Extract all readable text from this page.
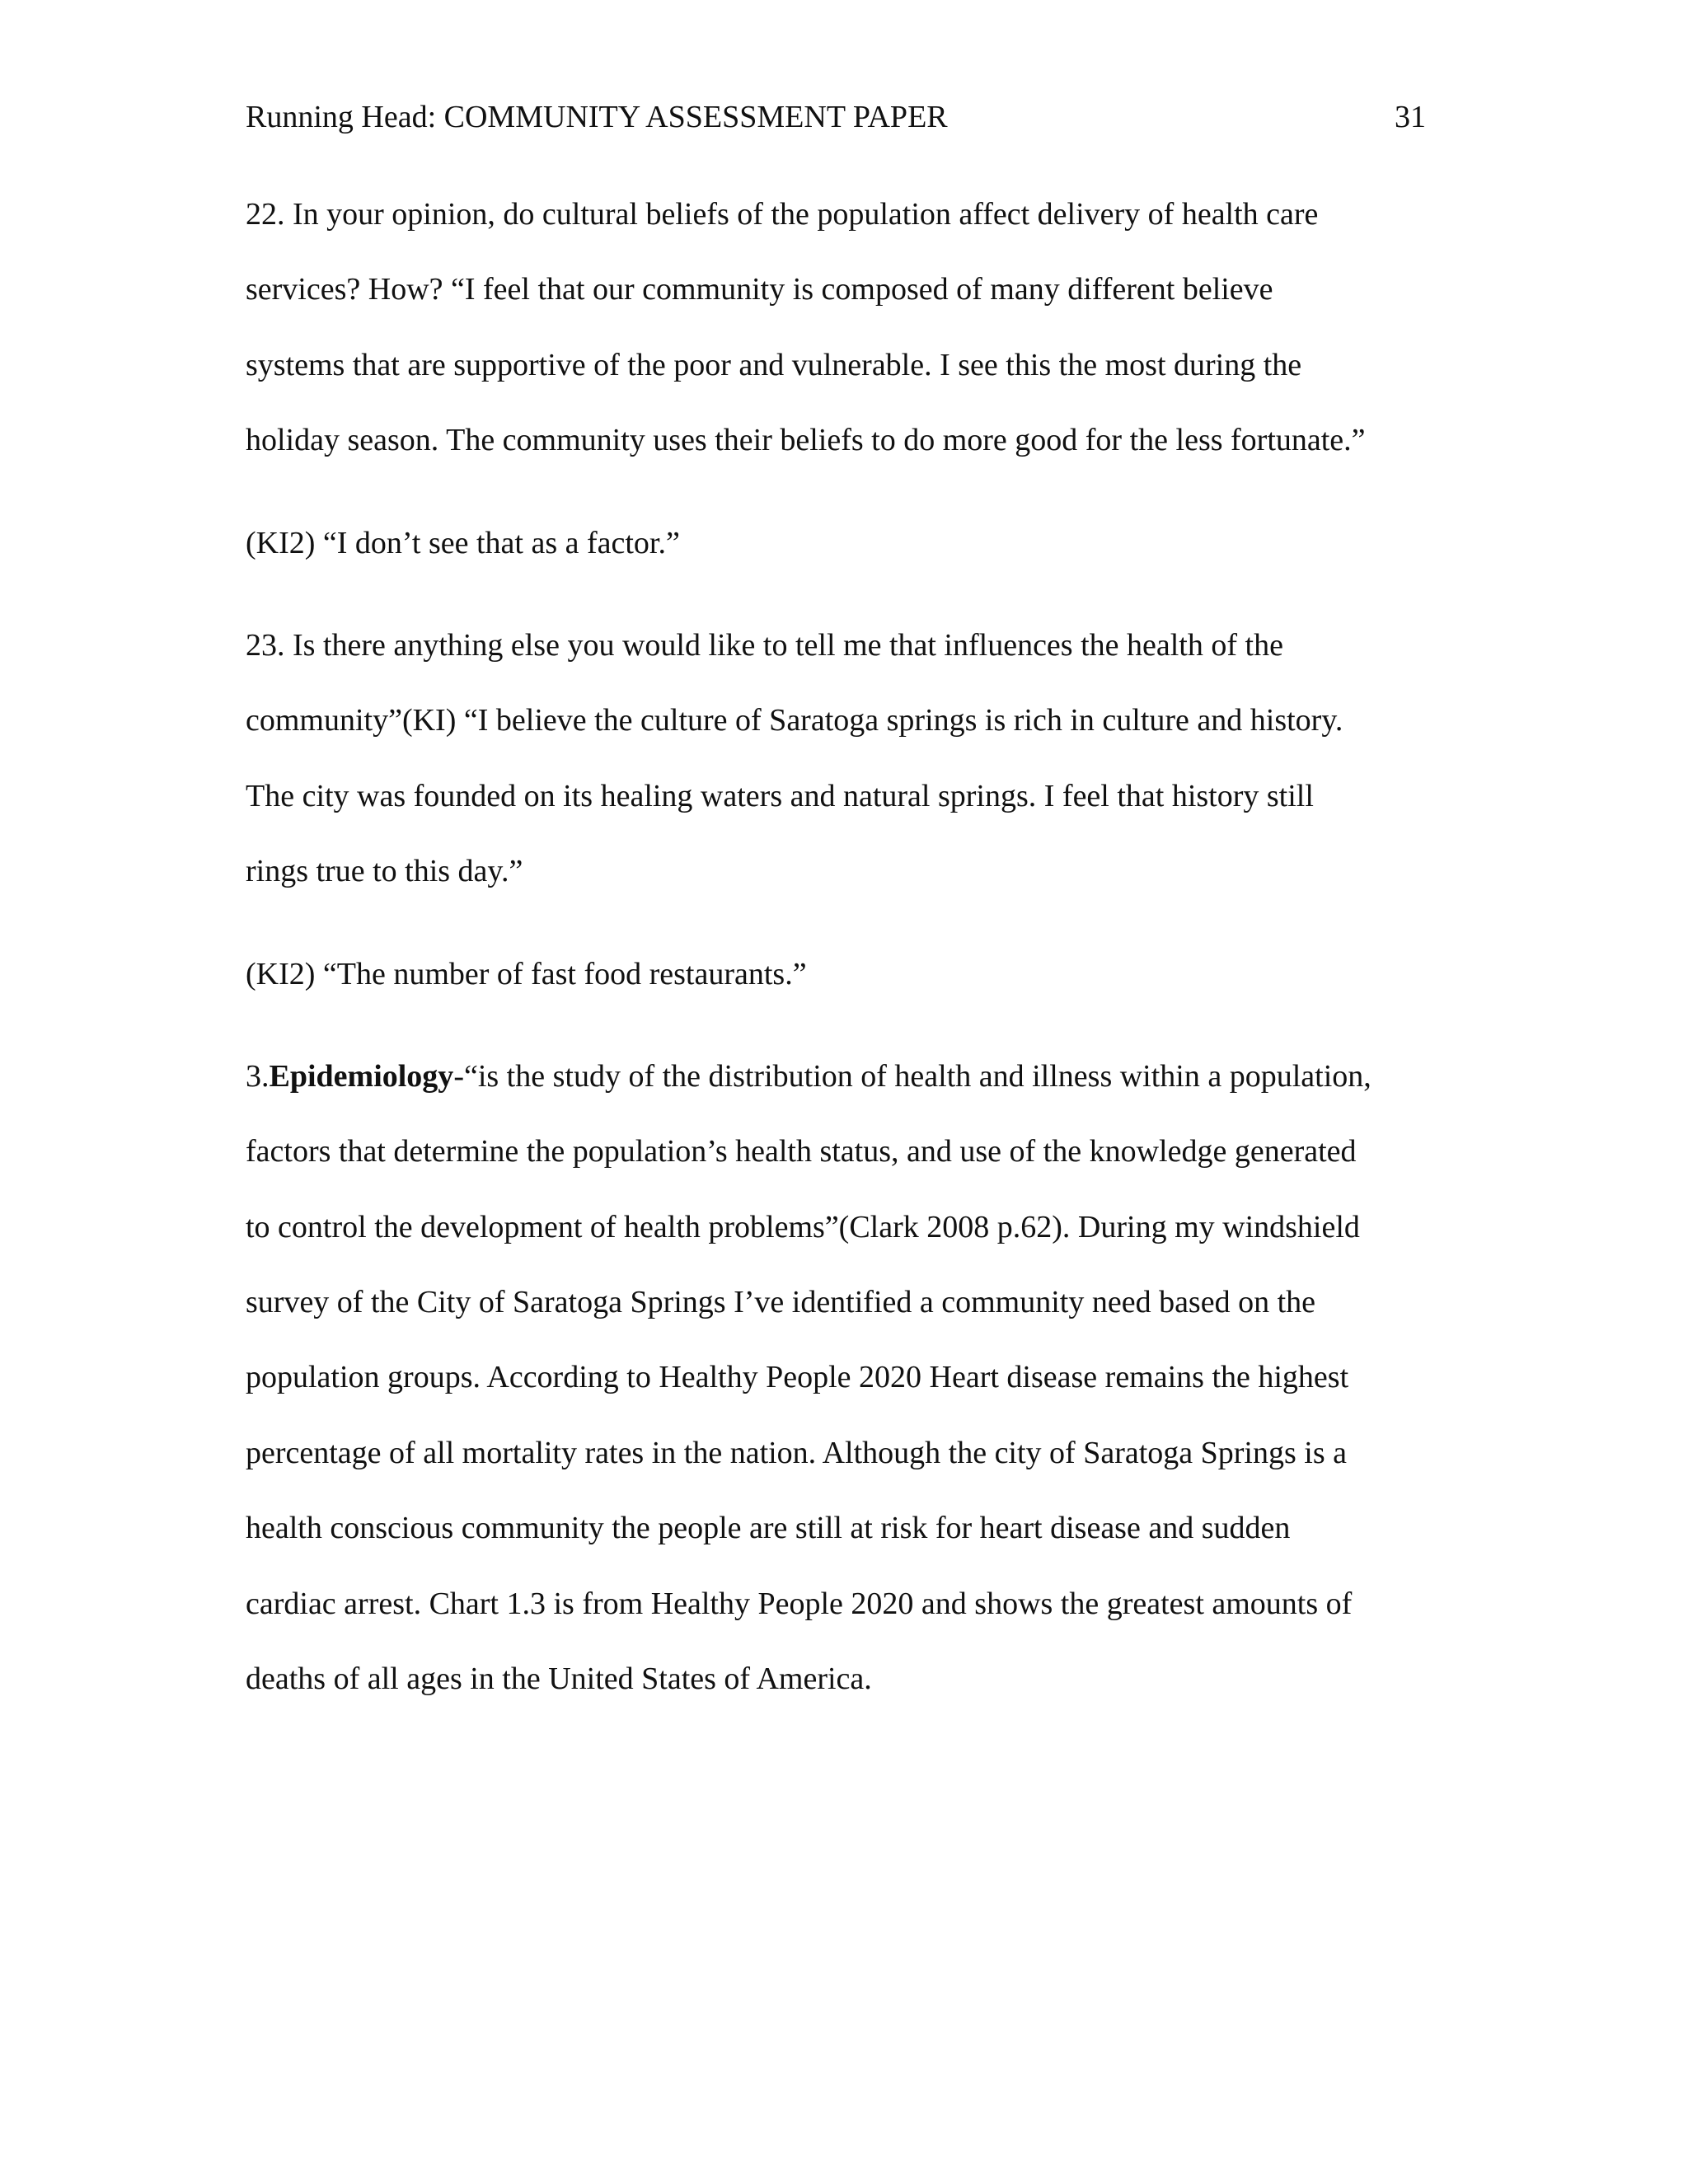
Running Head: COMMUNITY ASSESSMENT PAPER	31
22. In your opinion, do cultural beliefs of the population affect delivery of health care
services? How? “I feel that our community is composed of many different believe
systems that are supportive of the poor and vulnerable. I see this the most during the
holiday season. The community uses their beliefs to do more good for the less fortunate.”
(KI2) “I don’t see that as a factor.”
23. Is there anything else you would like to tell me that influences the health of the
community”(KI) “I believe the culture of Saratoga springs is rich in culture and history.
The city was founded on its healing waters and natural springs. I feel that history still
rings true to this day.”
(KI2) “The number of fast food restaurants.”
3.Epidemiology-“is the study of the distribution of health and illness within a population,
factors that determine the population’s health status, and use of the knowledge generated
to control the development of health problems”(Clark 2008 p.62). During my windshield
survey of the City of Saratoga Springs I’ve identified a community need based on the
population groups. According to Healthy People 2020 Heart disease remains the highest
percentage of all mortality rates in the nation. Although the city of Saratoga Springs is a
health conscious community the people are still at risk for heart disease and sudden
cardiac arrest. Chart 1.3 is from Healthy People 2020 and shows the greatest amounts of
deaths of all ages in the United States of America.
